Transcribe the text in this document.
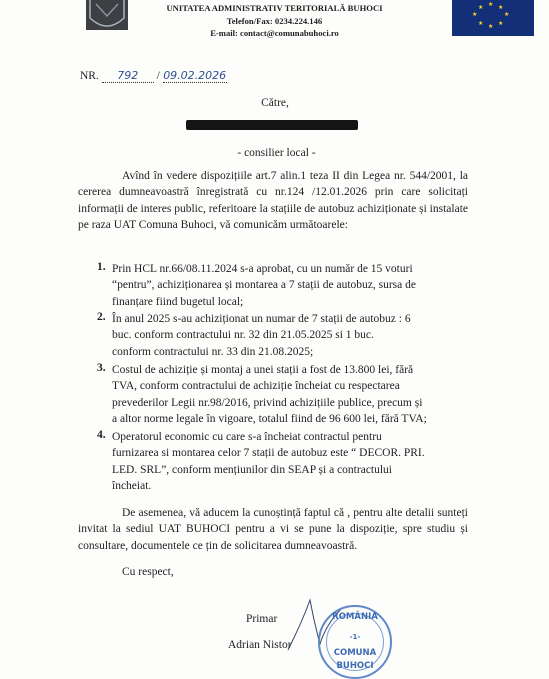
UNITATEA ADMINISTRATIV TERITORIALĂ BUHOCI
Telefon/Fax: 0234.224.146
E-mail: contact@comunabuhoci.ro
★ ★
★
★
★
★
★
★
NR. 792 / 09.02.2026
Către,
- consilier local -
Avînd în vedere dispozițiile art.7 alin.1 teza II din Legea nr. 544/2001, la cererea dumneavoastră înregistrată cu nr.124 /12.01.2026 prin care solicitați informații de interes public, referitoare la stațiile de autobuz achiziționate și instalate pe raza UAT Comuna Buhoci, vă comunicăm următoarele:
1. Prin HCL nr.66/08.11.2024 s-a aprobat, cu un număr de 15 voturi
“pentru”, achiziționarea și montarea a 7 stații de autobuz, sursa de
finanțare fiind bugetul local;
2. În anul 2025 s-au achiziționat un numar de 7 stații de autobuz : 6
buc. conform contractului nr. 32 din 21.05.2025 si 1 buc.
conform contractului nr. 33 din 21.08.2025;
3. Costul de achiziție și montaj a unei stații a fost de 13.800 lei, fără
TVA, conform contractului de achiziție încheiat cu respectarea
prevederilor Legii nr.98/2016, privind achizițiile publice, precum și
a altor norme legale în vigoare, totalul fiind de 96 600 lei, fără TVA;
4. Operatorul economic cu care s-a încheiat contractul pentru
furnizarea si montarea celor 7 stații de autobuz este “ DECOR. PRI.
LED. SRL”, conform mențiunilor din SEAP și a contractului
încheiat.
De asemenea, vă aducem la cunoștință faptul că , pentru alte detalii sunteți invitat la sediul UAT BUHOCI pentru a vi se pune la dispoziție, spre studiu și consultare, documentele ce țin de solicitarea dumneavoastră.
Cu respect,
Primar
Adrian Nistor
ROMÂNIA
-1-
COMUNA
BUHOCI
